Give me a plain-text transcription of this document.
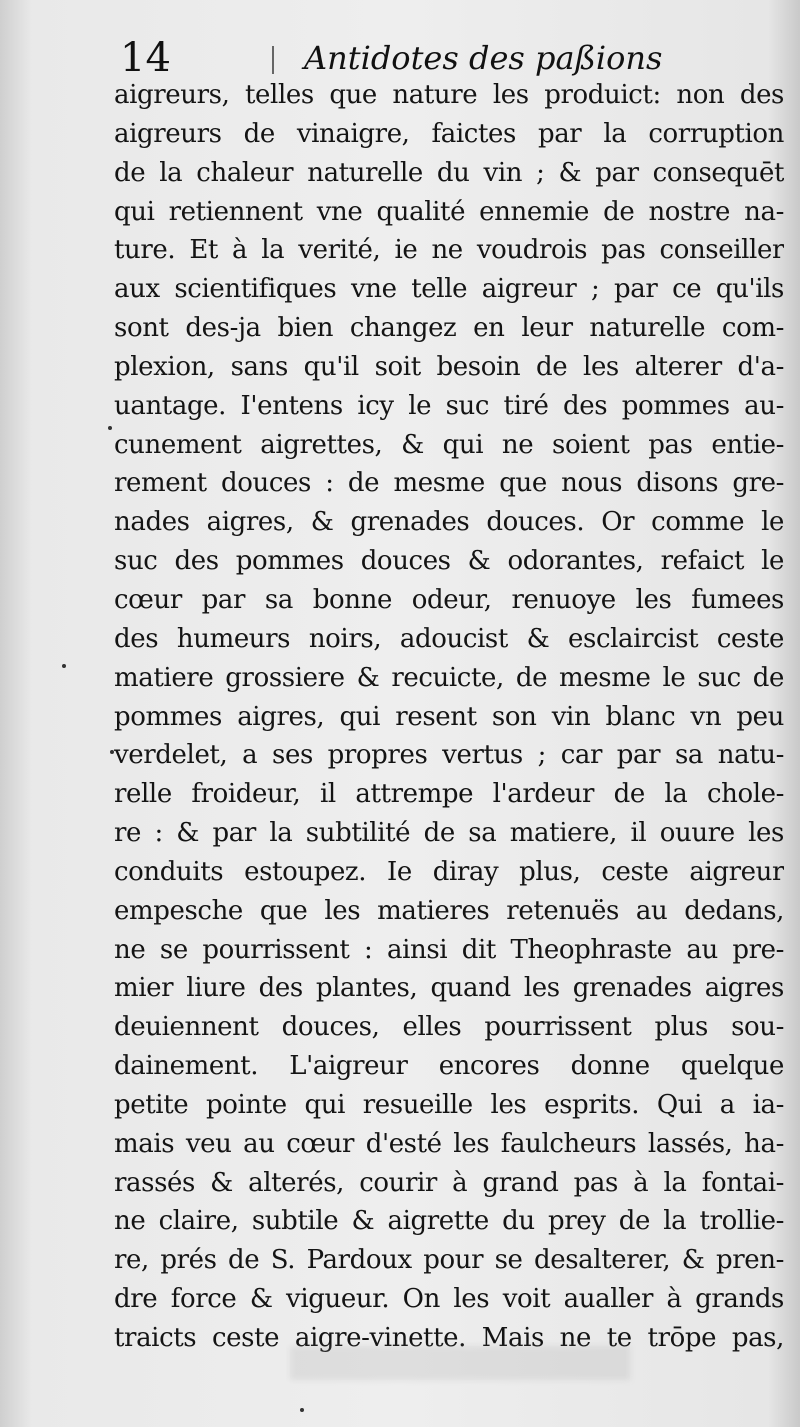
14	Antidotes des paßions
aigreurs, telles que nature les produict: non des
aigreurs de vinaigre, faictes par la corruption
de la chaleur naturelle du vin ; & par consequēt
qui retiennent vne qualité ennemie de nostre na-
ture. Et à la verité, ie ne voudrois pas conseiller
aux scientifiques vne telle aigreur ; par ce qu'ils
sont des-ja bien changez en leur naturelle com-
plexion, sans qu'il soit besoin de les alterer d'a-
uantage. I'entens icy le suc tiré des pommes au-
cunement aigrettes, & qui ne soient pas entie-
rement douces : de mesme que nous disons gre-
nades aigres, & grenades douces. Or comme le
suc des pommes douces & odorantes, refaict le
cœur par sa bonne odeur, renuoye les fumees
des humeurs noirs, adoucist & esclaircist ceste
matiere grossiere & recuicte, de mesme le suc de
pommes aigres, qui resent son vin blanc vn peu
verdelet, a ses propres vertus ; car par sa natu-
relle froideur, il attrempe l'ardeur de la chole-
re : & par la subtilité de sa matiere, il ouure les
conduits estoupez. Ie diray plus, ceste aigreur
empesche que les matieres retenuës au dedans,
ne se pourrissent : ainsi dit Theophraste au pre-
mier liure des plantes, quand les grenades aigres
deuiennent douces, elles pourrissent plus sou-
dainement. L'aigreur encores donne quelque
petite pointe qui resueille les esprits. Qui a ia-
mais veu au cœur d'esté les faulcheurs lassés, ha-
rassés & alterés, courir à grand pas à la fontai-
ne claire, subtile & aigrette du prey de la trollie-
re, prés de S. Pardoux pour se desalterer, & pren-
dre force & vigueur. On les voit aualler à grands
traicts ceste aigre-vinette. Mais ne te trōpe pas,
